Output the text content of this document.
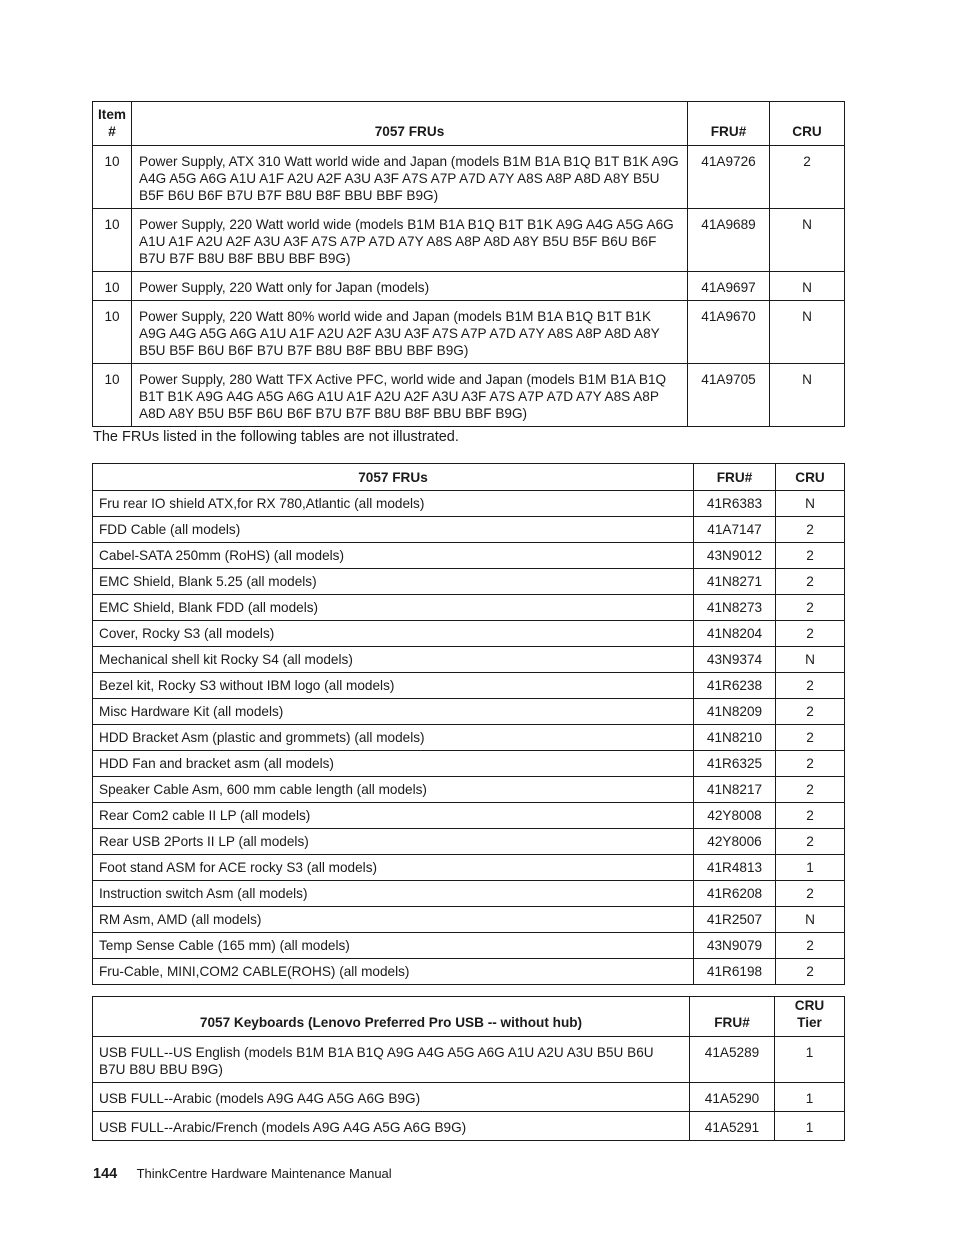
Item #	7057 FRUs	FRU#	CRU
10	Power Supply, ATX 310 Watt world wide and Japan (models B1M B1A B1Q B1T B1K A9G A4G A5G A6G A1U A1F A2U A2F A3U A3F A7S A7P A7D A7Y A8S A8P A8D A8Y B5U B5F B6U B6F B7U B7F B8U B8F BBU BBF B9G)	41A9726	2
10	Power Supply, 220 Watt world wide (models B1M B1A B1Q B1T B1K A9G A4G A5G A6G A1U A1F A2U A2F A3U A3F A7S A7P A7D A7Y A8S A8P A8D A8Y B5U B5F B6U B6F B7U B7F B8U B8F BBU BBF B9G)	41A9689	N
10	Power Supply, 220 Watt only for Japan (models)	41A9697	N
10	Power Supply, 220 Watt 80% world wide and Japan (models B1M B1A B1Q B1T B1K A9G A4G A5G A6G A1U A1F A2U A2F A3U A3F A7S A7P A7D A7Y A8S A8P A8D A8Y B5U B5F B6U B6F B7U B7F B8U B8F BBU BBF B9G)	41A9670	N
10	Power Supply, 280 Watt TFX Active PFC, world wide and Japan (models B1M B1A B1Q B1T B1K A9G A4G A5G A6G A1U A1F A2U A2F A3U A3F A7S A7P A7D A7Y A8S A8P A8D A8Y B5U B5F B6U B6F B7U B7F B8U B8F BBU BBF B9G)	41A9705	N
The FRUs listed in the following tables are not illustrated.
7057 FRUs	FRU#	CRU
Fru rear IO shield ATX,for RX 780,Atlantic (all models)	41R6383	N
FDD Cable (all models)	41A7147	2
Cabel-SATA 250mm (RoHS) (all models)	43N9012	2
EMC Shield, Blank 5.25 (all models)	41N8271	2
EMC Shield, Blank FDD (all models)	41N8273	2
Cover, Rocky S3 (all models)	41N8204	2
Mechanical shell kit Rocky S4 (all models)	43N9374	N
Bezel kit, Rocky S3 without IBM logo (all models)	41R6238	2
Misc Hardware Kit (all models)	41N8209	2
HDD Bracket Asm (plastic and grommets) (all models)	41N8210	2
HDD Fan and bracket asm (all models)	41R6325	2
Speaker Cable Asm, 600 mm cable length (all models)	41N8217	2
Rear Com2 cable II LP (all models)	42Y8008	2
Rear USB 2Ports II LP (all models)	42Y8006	2
Foot stand ASM for ACE rocky S3 (all models)	41R4813	1
Instruction switch Asm (all models)	41R6208	2
RM Asm, AMD (all models)	41R2507	N
Temp Sense Cable (165 mm) (all models)	43N9079	2
Fru-Cable, MINI,COM2 CABLE(ROHS) (all models)	41R6198	2
7057 Keyboards (Lenovo Preferred Pro USB -- without hub)	FRU#	CRU Tier
USB FULL--US English (models B1M B1A B1Q A9G A4G A5G A6G A1U A2U A3U B5U B6U B7U B8U BBU B9G)	41A5289	1
USB FULL--Arabic (models A9G A4G A5G A6G B9G)	41A5290	1
USB FULL--Arabic/French (models A9G A4G A5G A6G B9G)	41A5291	1
144 ThinkCentre Hardware Maintenance Manual
